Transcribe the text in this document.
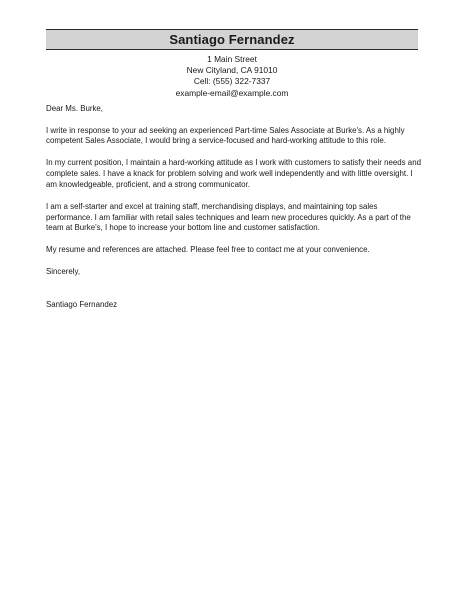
Santiago Fernandez
1 Main Street
New Cityland, CA 91010
Cell: (555) 322-7337
example-email@example.com

Dear Ms. Burke,

I write in response to your ad seeking an experienced Part-time Sales Associate at Burke's. As a highly competent Sales Associate, I would bring a service-focused and hard-working attitude to this role.

In my current position, I maintain a hard-working attitude as I work with customers to satisfy their needs and complete sales. I have a knack for problem solving and work well independently and with little oversight. I am knowledgeable, proficient, and a strong communicator.

I am a self-starter and excel at training staff, merchandising displays, and maintaining top sales performance. I am familiar with retail sales techniques and learn new procedures quickly. As a part of the team at Burke's, I hope to increase your bottom line and customer satisfaction.

My resume and references are attached. Please feel free to contact me at your convenience.

Sincerely,

Santiago Fernandez
